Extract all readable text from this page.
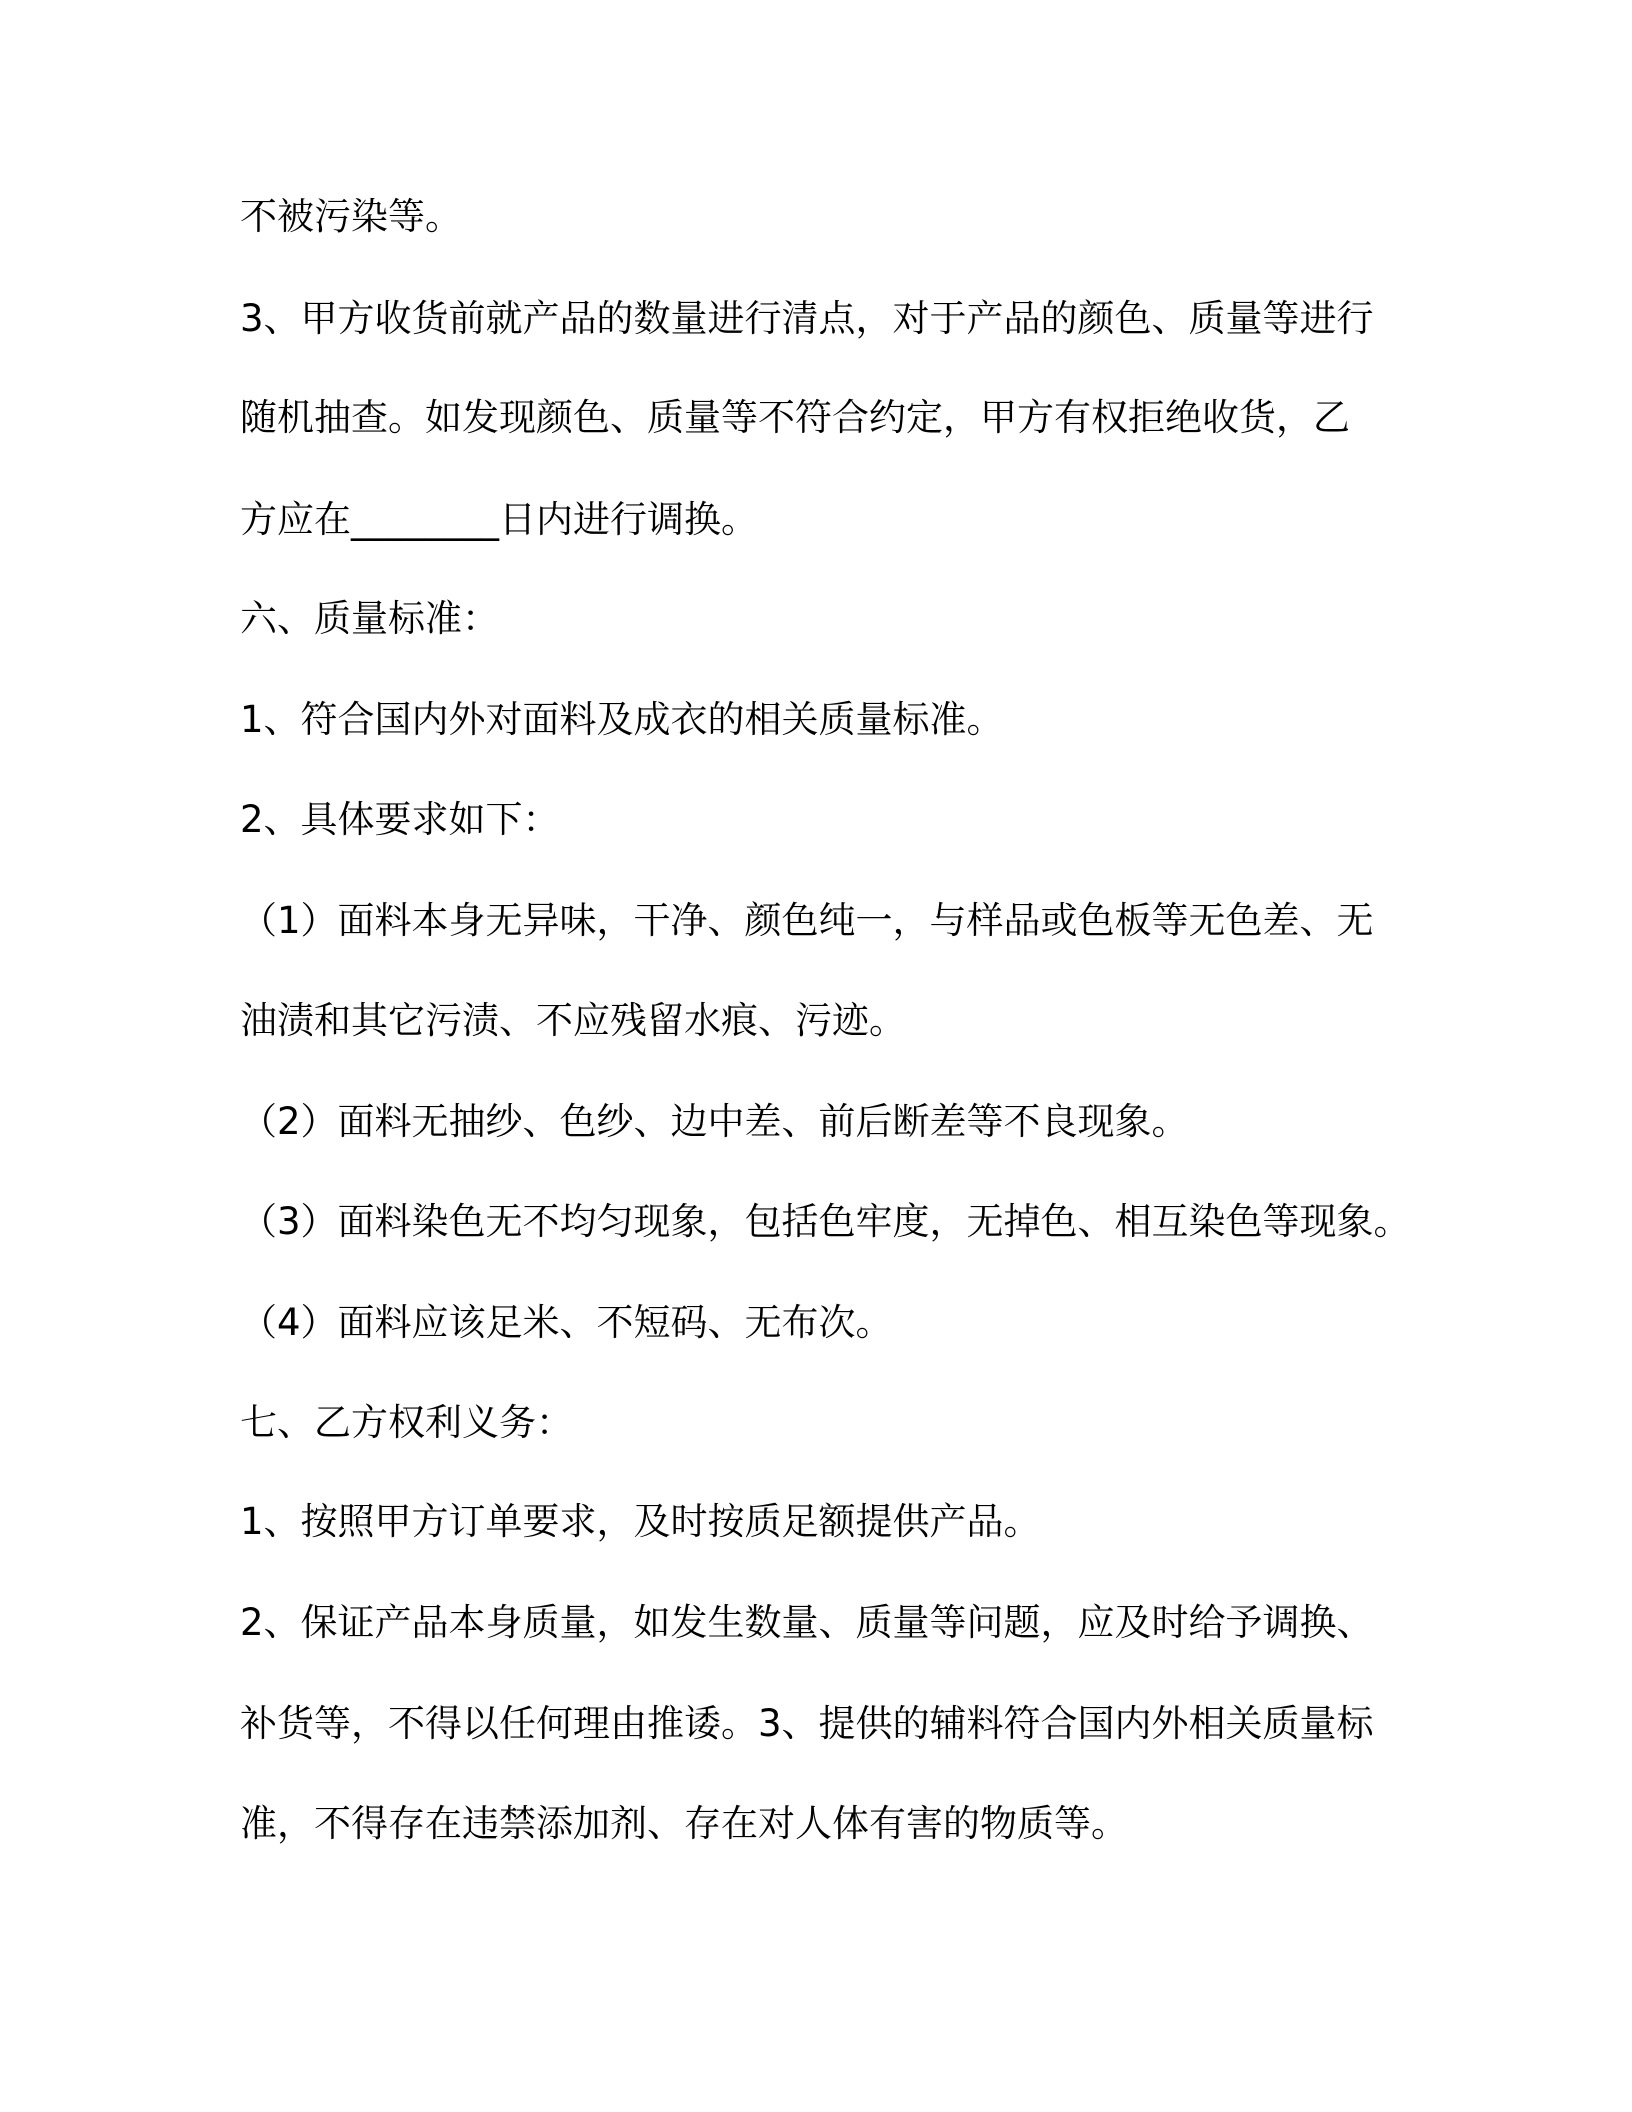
不被污染等。
3、甲方收货前就产品的数量进行清点，对于产品的颜色、质量等进行
随机抽查。如发现颜色、质量等不符合约定，甲方有权拒绝收货，乙
方应在________日内进行调换。
六、质量标准：
1、符合国内外对面料及成衣的相关质量标准。
2、具体要求如下：
（1）面料本身无异味，干净、颜色纯一，与样品或色板等无色差、无
油渍和其它污渍、不应残留水痕、污迹。
（2）面料无抽纱、色纱、边中差、前后断差等不良现象。
（3）面料染色无不均匀现象，包括色牢度，无掉色、相互染色等现象。
（4）面料应该足米、不短码、无布次。
七、乙方权利义务：
1、按照甲方订单要求，及时按质足额提供产品。
2、保证产品本身质量，如发生数量、质量等问题，应及时给予调换、
补货等，不得以任何理由推诿。3、提供的辅料符合国内外相关质量标
准，不得存在违禁添加剂、存在对人体有害的物质等。
